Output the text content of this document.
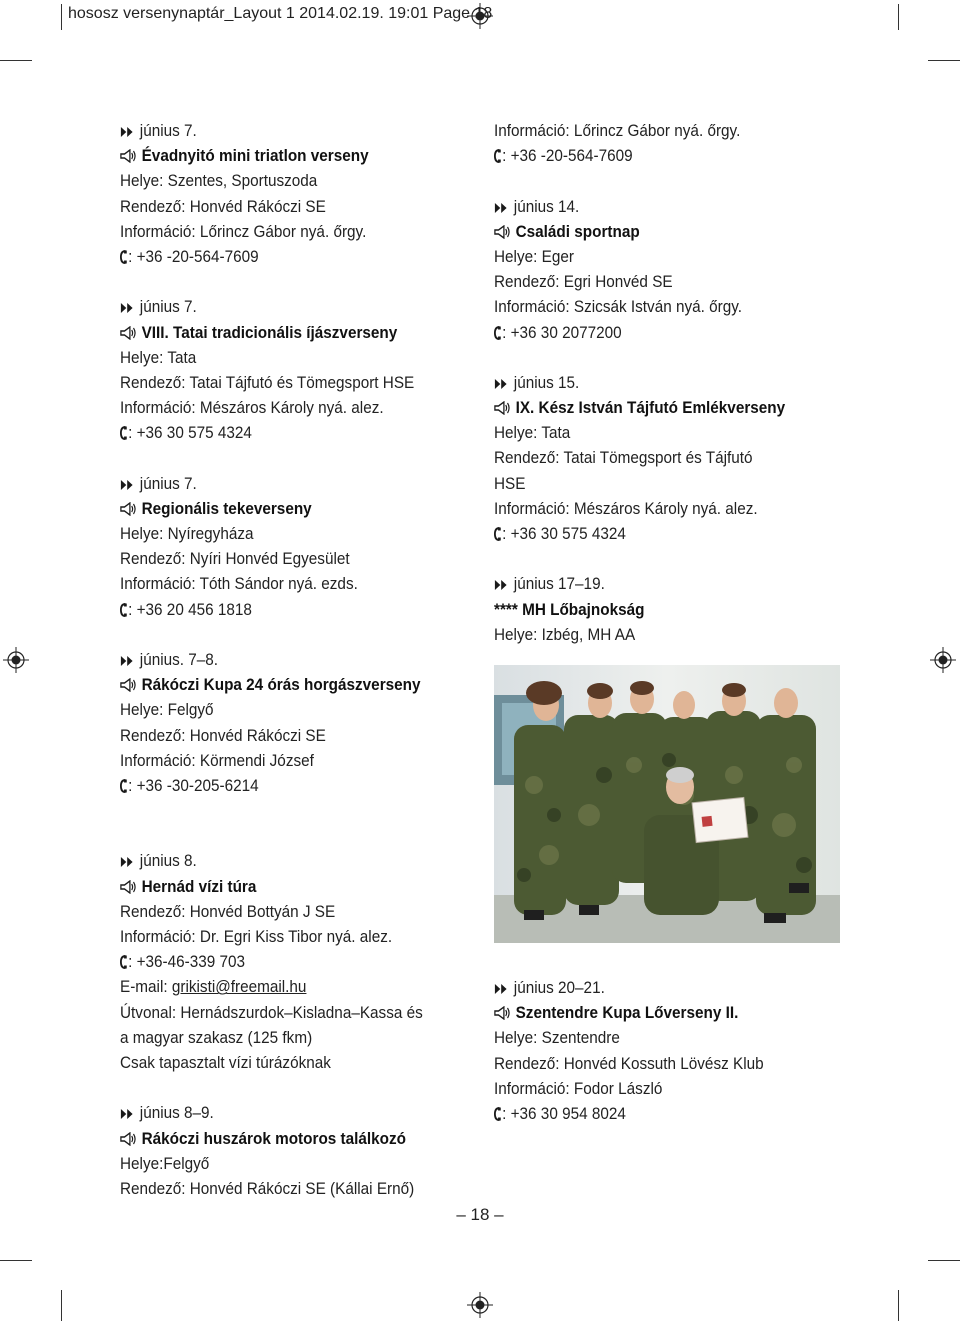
hososz versenynaptár_Layout 1 2014.02.19. 19:01 Page 18
június 7.
Évadnyitó mini triatlon verseny
Helye: Szentes, Sportuszoda
Rendező: Honvéd Rákóczi SE
Információ: Lőrincz Gábor nyá. őrgy.
: +36 -20-564-7609
június 7.
VIII. Tatai tradicionális íjászverseny
Helye: Tata
Rendező: Tatai Tájfutó és Tömegsport HSE
Információ: Mészáros Károly nyá. alez.
: +36 30 575 4324
június 7.
Regionális tekeverseny
Helye: Nyíregyháza
Rendező: Nyíri Honvéd Egyesület
Információ: Tóth Sándor nyá. ezds.
: +36 20 456 1818
június. 7–8.
Rákóczi Kupa 24 órás horgászverseny
Helye: Felgyő
Rendező: Honvéd Rákóczi SE
Információ: Körmendi József
: +36 -30-205-6214
június 8.
Hernád vízi túra
Rendező: Honvéd Bottyán J SE
Információ: Dr. Egri Kiss Tibor nyá. alez.
: +36-46-339 703
E-mail: grikisti@freemail.hu
Útvonal: Hernádszurdok–Kisladna–Kassa és
a magyar szakasz (125 fkm)
Csak tapasztalt vízi túrázóknak
június 8–9.
Rákóczi huszárok motoros találkozó
Helye:Felgyő
Rendező: Honvéd Rákóczi SE (Kállai Ernő)
Információ: Lőrincz Gábor nyá. őrgy.
: +36 -20-564-7609
június 14.
Családi sportnap
Helye: Eger
Rendező: Egri Honvéd SE
Információ: Szicsák István nyá. őrgy.
: +36 30 2077200
június 15.
IX. Kész István Tájfutó Emlékverseny
Helye: Tata
Rendező: Tatai Tömegsport és Tájfutó
HSE
Információ: Mészáros Károly nyá. alez.
: +36 30 575 4324
június 17–19.
**** MH Lőbajnokság
Helye: Izbég, MH AA
– 18 –
június 20–21.
Szentendre Kupa Lőverseny II.
Helye: Szentendre
Rendező: Honvéd Kossuth Lövész Klub
Információ: Fodor László
: +36 30 954 8024
